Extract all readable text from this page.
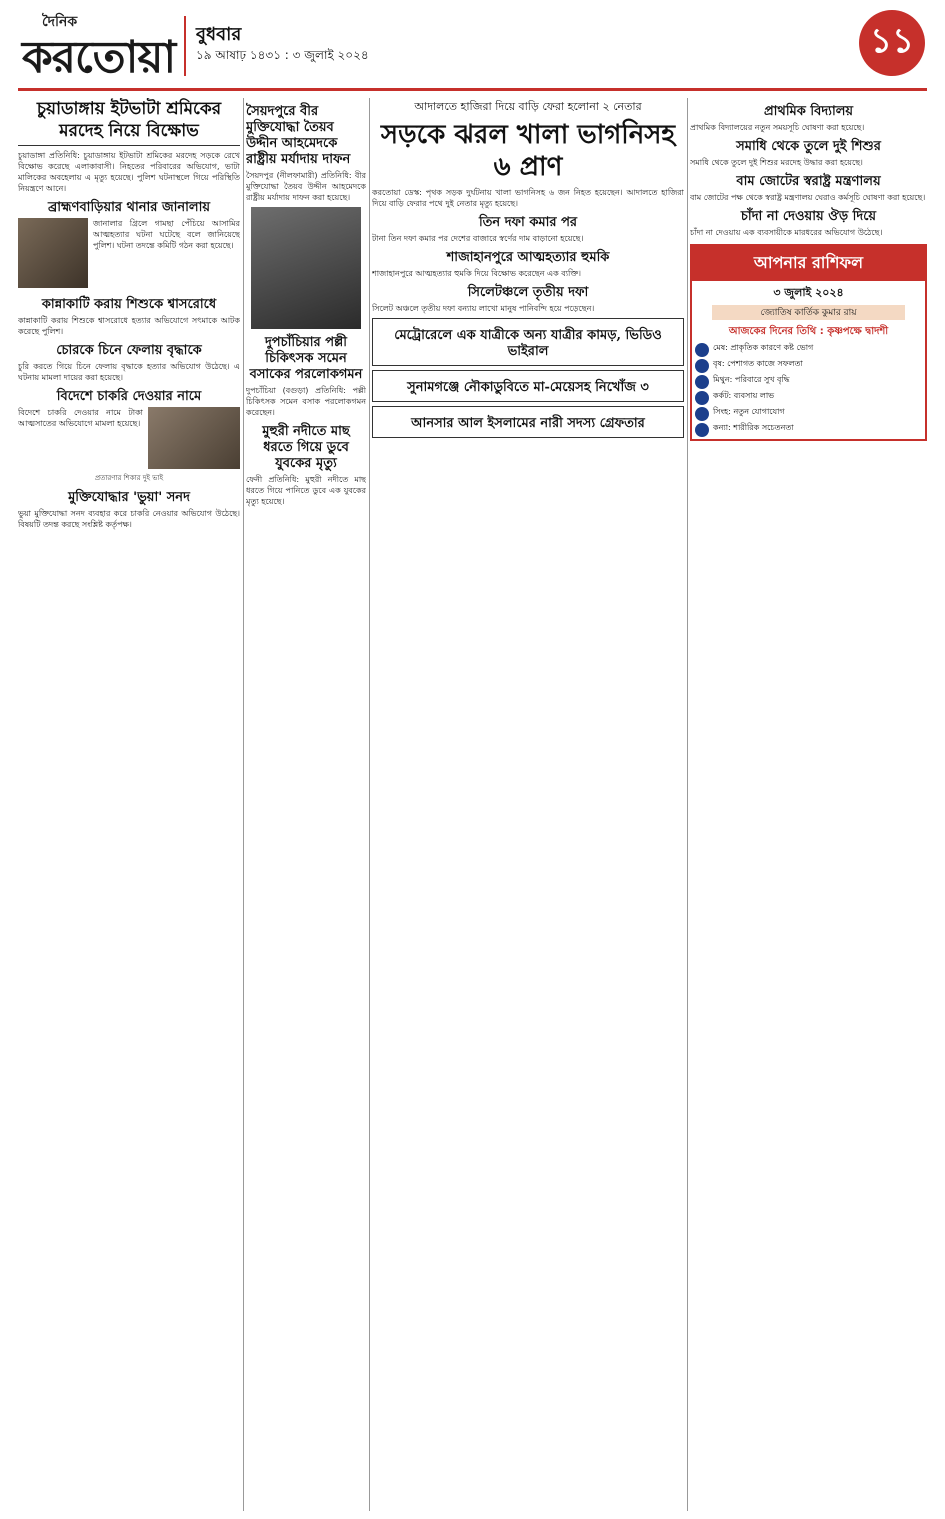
দৈনিক
করতোয়া বুধবার
১৯ আষাঢ় ১৪৩১ : ৩ জুলাই ২০২৪	১১
চুয়াডাঙ্গায় ইটভাটা শ্রমিকের মরদেহ নিয়ে বিক্ষোভ
চুয়াডাঙ্গা প্রতিনিধি: চুয়াডাঙ্গায় ইটভাটা শ্রমিকের মরদেহ সড়কে রেখে বিক্ষোভ করেছে এলাকাবাসী। নিহতের পরিবারের অভিযোগ, ভাটা মালিকের অবহেলায় এ মৃত্যু হয়েছে। পুলিশ ঘটনাস্থলে গিয়ে পরিস্থিতি নিয়ন্ত্রণে আনে।
ব্রাহ্মণবাড়িয়ার থানার জানালায়
জানালার গ্রিলে গামছা পেঁচিয়ে আসামির আত্মহত্যার ঘটনা ঘটেছে বলে জানিয়েছে পুলিশ। ঘটনা তদন্তে কমিটি গঠন করা হয়েছে।
কান্নাকাটি করায় শিশুকে শ্বাসরোধে
কান্নাকাটি করায় শিশুকে শ্বাসরোধে হত্যার অভিযোগে সৎমাকে আটক করেছে পুলিশ।
চোরকে চিনে ফেলায় বৃদ্ধাকে
চুরি করতে গিয়ে চিনে ফেলায় বৃদ্ধাকে হত্যার অভিযোগ উঠেছে। এ ঘটনায় মামলা দায়ের করা হয়েছে।
বিদেশে চাকরি দেওয়ার নামে
বিদেশে চাকরি দেওয়ার নামে টাকা আত্মসাতের অভিযোগে মামলা হয়েছে।
প্রতারণার শিকার দুই ভাই
মুক্তিযোদ্ধার 'ভুয়া' সনদ
ভুয়া মুক্তিযোদ্ধা সনদ ব্যবহার করে চাকরি নেওয়ার অভিযোগ উঠেছে। বিষয়টি তদন্ত করছে সংশ্লিষ্ট কর্তৃপক্ষ।
সৈয়দপুরে বীর মুক্তিযোদ্ধা তৈয়ব উদ্দীন আহমেদকে রাষ্ট্রীয় মর্যাদায় দাফন
সৈয়দপুর (নীলফামারী) প্রতিনিধি: বীর মুক্তিযোদ্ধা তৈয়ব উদ্দীন আহমেদকে রাষ্ট্রীয় মর্যাদায় দাফন করা হয়েছে।
দুপচাঁচিয়ার পল্লী চিকিৎসক সমেন বসাকের পরলোকগমন
দুপচাঁচিয়া (বগুড়া) প্রতিনিধি: পল্লী চিকিৎসক সমেন বসাক পরলোকগমন করেছেন।
মুহুরী নদীতে মাছ ধরতে গিয়ে ডুবে যুবকের মৃত্যু
ফেনী প্রতিনিধি: মুহুরী নদীতে মাছ ধরতে গিয়ে পানিতে ডুবে এক যুবকের মৃত্যু হয়েছে।
আদালতে হাজিরা দিয়ে বাড়ি ফেরা হলোনা ২ নেতার
সড়কে ঝরল খালা ভাগনিসহ ৬ প্রাণ
করতোয়া ডেস্ক: পৃথক সড়ক দুর্ঘটনায় খালা ভাগনিসহ ৬ জন নিহত হয়েছেন। আদালতে হাজিরা দিয়ে বাড়ি ফেরার পথে দুই নেতার মৃত্যু হয়েছে।
তিন দফা কমার পর
টানা তিন দফা কমার পর দেশের বাজারে স্বর্ণের দাম বাড়ানো হয়েছে।
শাজাহানপুরে আত্মহত্যার হুমকি
শাজাহানপুরে আত্মহত্যার হুমকি দিয়ে বিক্ষোভ করেছেন এক ব্যক্তি।
সিলেটঞ্চলে তৃতীয় দফা
সিলেট অঞ্চলে তৃতীয় দফা বন্যায় লাখো মানুষ পানিবন্দি হয়ে পড়েছেন।
মেট্রোরেলে এক যাত্রীকে অন্য যাত্রীর কামড়, ভিডিও ভাইরাল
সুনামগঞ্জে নৌকাডুবিতে মা-মেয়েসহ নিখোঁজ ৩
আনসার আল ইসলামের নারী সদস্য গ্রেফতার
প্রাথমিক বিদ্যালয়
প্রাথমিক বিদ্যালয়ের নতুন সময়সূচি ঘোষণা করা হয়েছে।
সমাধি থেকে তুলে দুই শিশুর
সমাধি থেকে তুলে দুই শিশুর মরদেহ উদ্ধার করা হয়েছে।
বাম জোটের স্বরাষ্ট্র মন্ত্রণালয়
বাম জোটের পক্ষ থেকে স্বরাষ্ট্র মন্ত্রণালয় ঘেরাও কর্মসূচি ঘোষণা করা হয়েছে।
চাঁদা না দেওয়ায় ঔড় দিয়ে
চাঁদা না দেওয়ায় এক ব্যবসায়ীকে মারধরের অভিযোগ উঠেছে।
আপনার রাশিফল
৩ জুলাই ২০২৪
জ্যোতিষ কার্তিক কুমার রায়
আজকের দিনের তিথি : কৃষ্ণপক্ষে দ্বাদশী
মেষ: প্রাকৃতিক কারণে কষ্ট ভোগ
বৃষ: পেশাগত কাজে সফলতা
মিথুন: পরিবারে সুখ বৃদ্ধি
কর্কট: ব্যবসায় লাভ
সিংহ: নতুন যোগাযোগ
কন্যা: শারীরিক সচেতনতা
